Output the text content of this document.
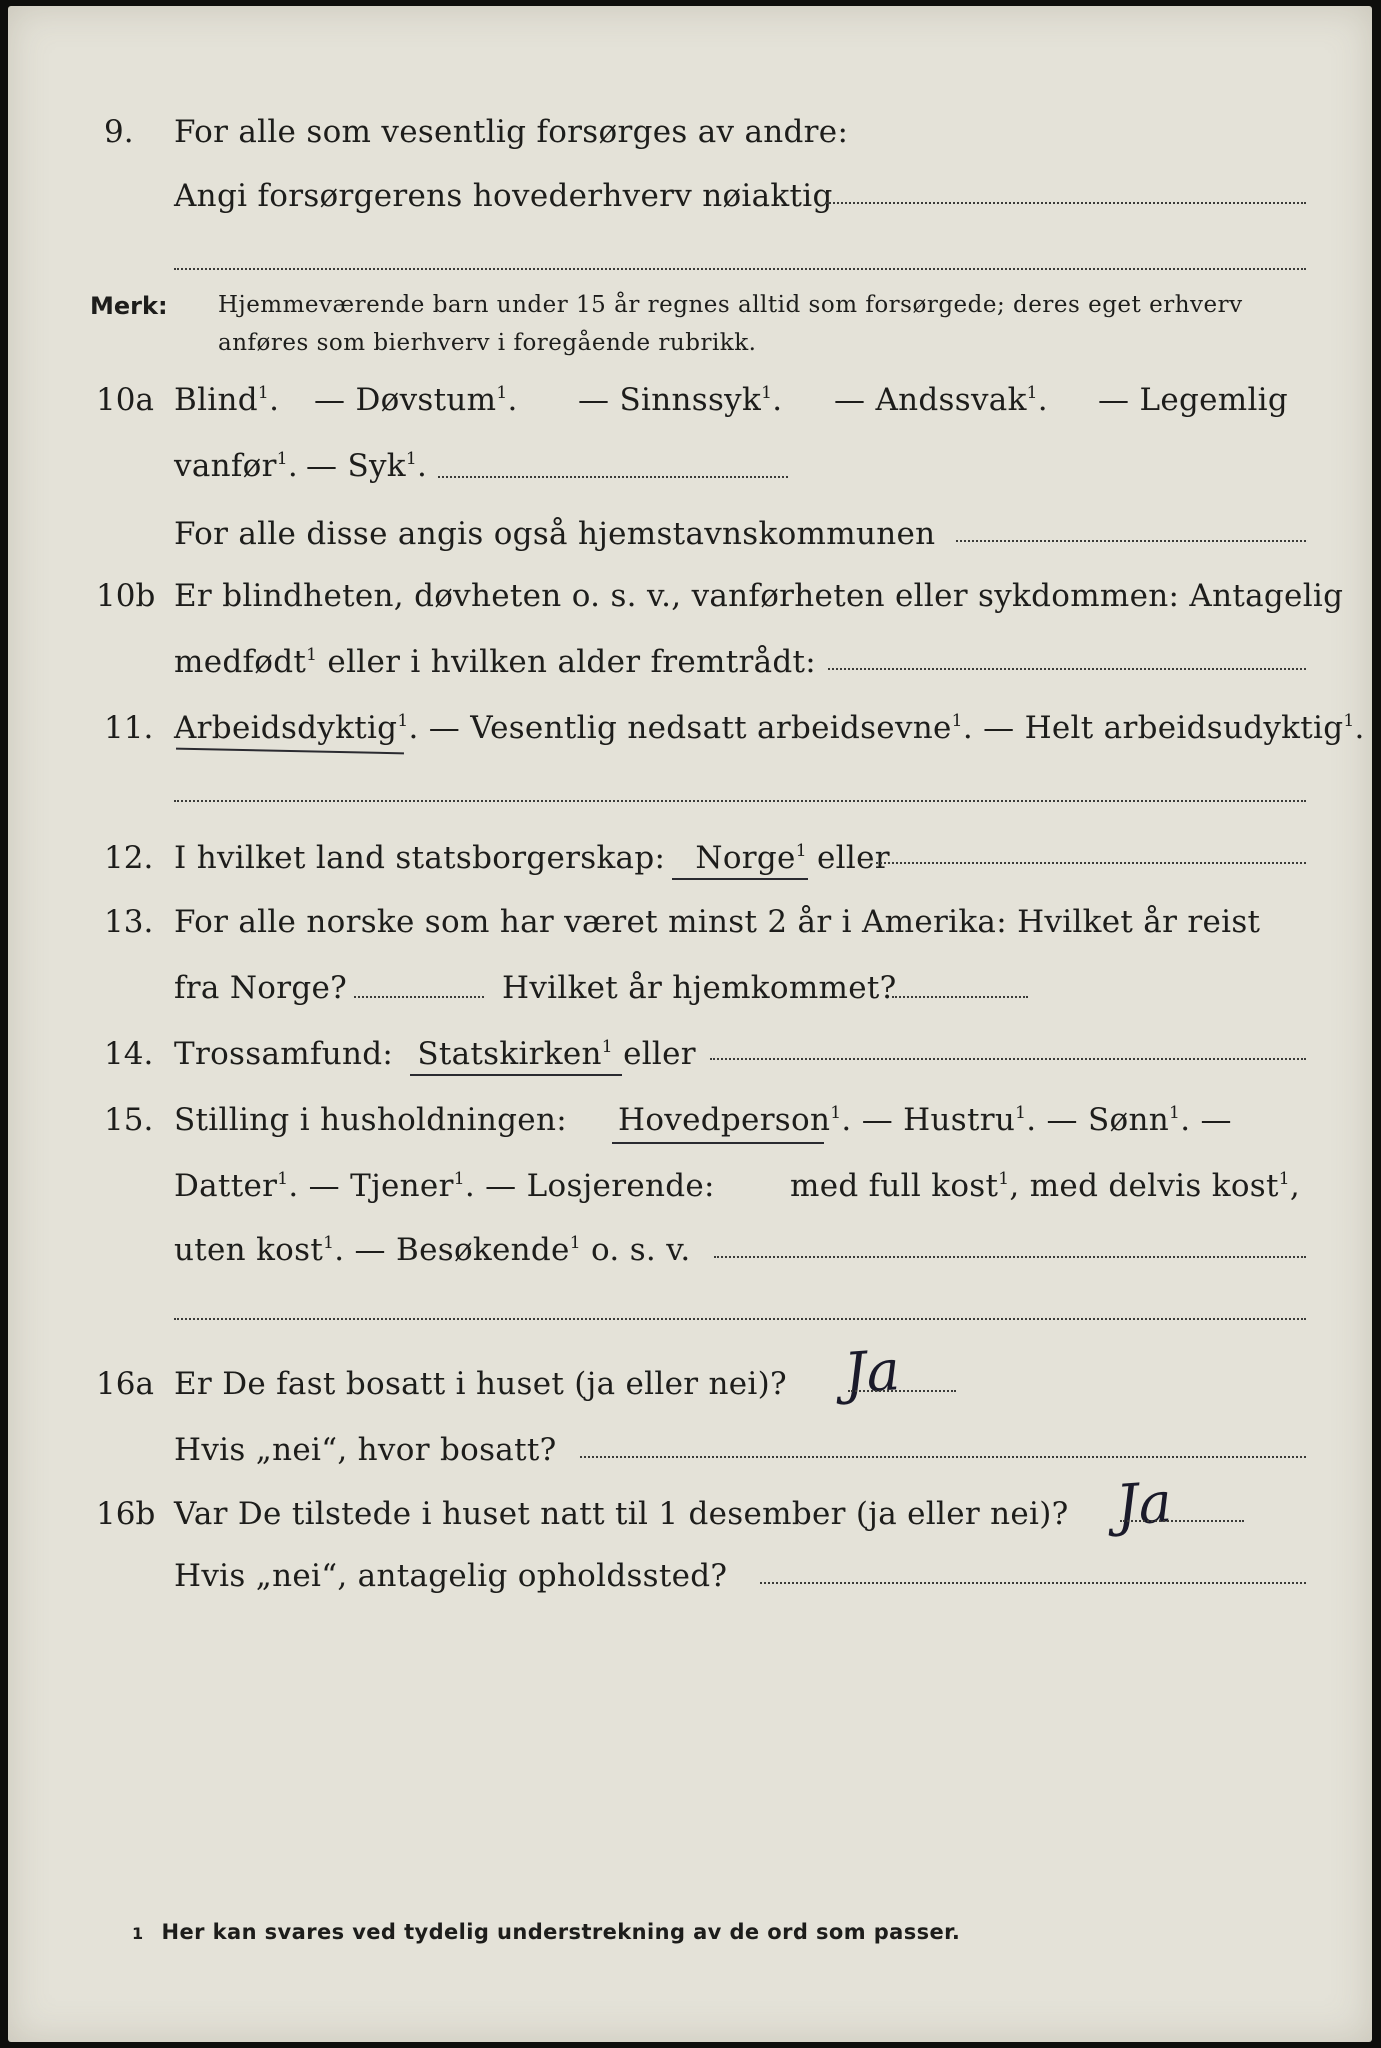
9. For alle som vesentlig forsørges av andre:
Angi forsørgerens hovederhverv nøiaktig
Merk: Hjemmeværende barn under 15 år regnes alltid som forsørgede; deres eget erhverv
anføres som bierhverv i foregående rubrikk.
10a Blind$^1$. — Døvstum$^1$. — Sinnssyk$^1$. — Andssvak$^1$. — Legemlig
vanfør$^1$. — Syk$^1$.
For alle disse angis også hjemstavnskommunen
10b Er blindheten, døvheten o. s. v., vanførheten eller sykdommen: Antagelig
medfødt$^1$ eller i hvilken alder fremtrådt:
11. Arbeidsdyktig$^1$. — Vesentlig nedsatt arbeidsevne$^1$. — Helt arbeidsudyktig$^1$.
12. I hvilket land statsborgerskap: Norge$^1$ eller
13. For alle norske som har været minst 2 år i Amerika: Hvilket år reist
fra Norge?	Hvilket år hjemkommet?
14. Trossamfund: Statskirken$^1$ eller
15. Stilling i husholdningen: Hovedperson$^1$. — Hustru$^1$. — Sønn$^1$. —
Datter$^1$. — Tjener$^1$. — Losjerende: med full kost$^1$, med delvis kost$^1$,
uten kost$^1$. — Besøkende$^1$ o. s. v.
16a Er De fast bosatt i huset (ja eller nei)? Ja
Hvis „nei“, hvor bosatt?
16b Var De tilstede i huset natt til 1 desember (ja eller nei)? Ja
Hvis „nei“, antagelig opholdssted?
1 Her kan svares ved tydelig understrekning av de ord som passer.
